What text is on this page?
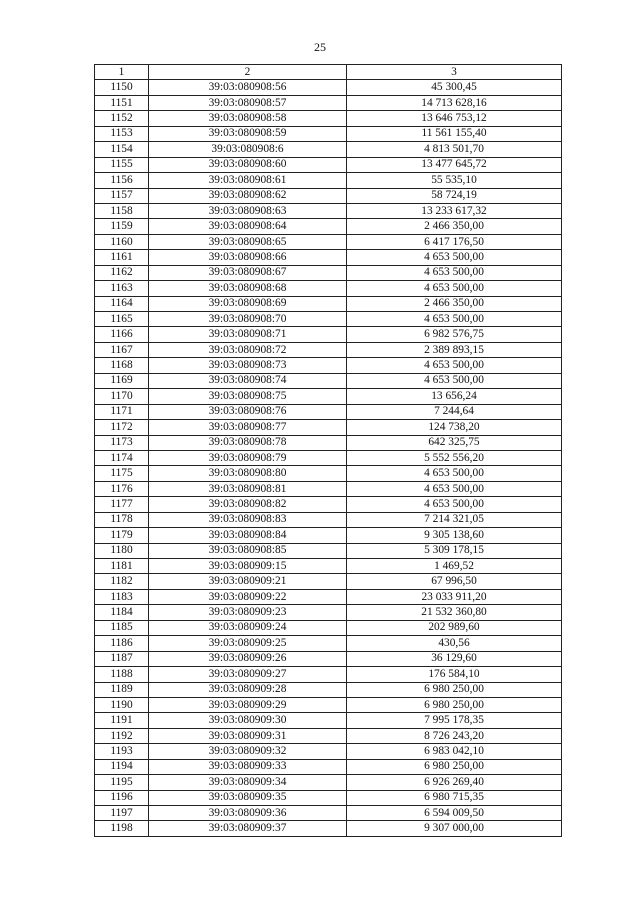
25
1	2	3
1150	39:03:080908:56	45 300,45
1151	39:03:080908:57	14 713 628,16
1152	39:03:080908:58	13 646 753,12
1153	39:03:080908:59	11 561 155,40
1154	39:03:080908:6	4 813 501,70
1155	39:03:080908:60	13 477 645,72
1156	39:03:080908:61	55 535,10
1157	39:03:080908:62	58 724,19
1158	39:03:080908:63	13 233 617,32
1159	39:03:080908:64	2 466 350,00
1160	39:03:080908:65	6 417 176,50
1161	39:03:080908:66	4 653 500,00
1162	39:03:080908:67	4 653 500,00
1163	39:03:080908:68	4 653 500,00
1164	39:03:080908:69	2 466 350,00
1165	39:03:080908:70	4 653 500,00
1166	39:03:080908:71	6 982 576,75
1167	39:03:080908:72	2 389 893,15
1168	39:03:080908:73	4 653 500,00
1169	39:03:080908:74	4 653 500,00
1170	39:03:080908:75	13 656,24
1171	39:03:080908:76	7 244,64
1172	39:03:080908:77	124 738,20
1173	39:03:080908:78	642 325,75
1174	39:03:080908:79	5 552 556,20
1175	39:03:080908:80	4 653 500,00
1176	39:03:080908:81	4 653 500,00
1177	39:03:080908:82	4 653 500,00
1178	39:03:080908:83	7 214 321,05
1179	39:03:080908:84	9 305 138,60
1180	39:03:080908:85	5 309 178,15
1181	39:03:080909:15	1 469,52
1182	39:03:080909:21	67 996,50
1183	39:03:080909:22	23 033 911,20
1184	39:03:080909:23	21 532 360,80
1185	39:03:080909:24	202 989,60
1186	39:03:080909:25	430,56
1187	39:03:080909:26	36 129,60
1188	39:03:080909:27	176 584,10
1189	39:03:080909:28	6 980 250,00
1190	39:03:080909:29	6 980 250,00
1191	39:03:080909:30	7 995 178,35
1192	39:03:080909:31	8 726 243,20
1193	39:03:080909:32	6 983 042,10
1194	39:03:080909:33	6 980 250,00
1195	39:03:080909:34	6 926 269,40
1196	39:03:080909:35	6 980 715,35
1197	39:03:080909:36	6 594 009,50
1198	39:03:080909:37	9 307 000,00
